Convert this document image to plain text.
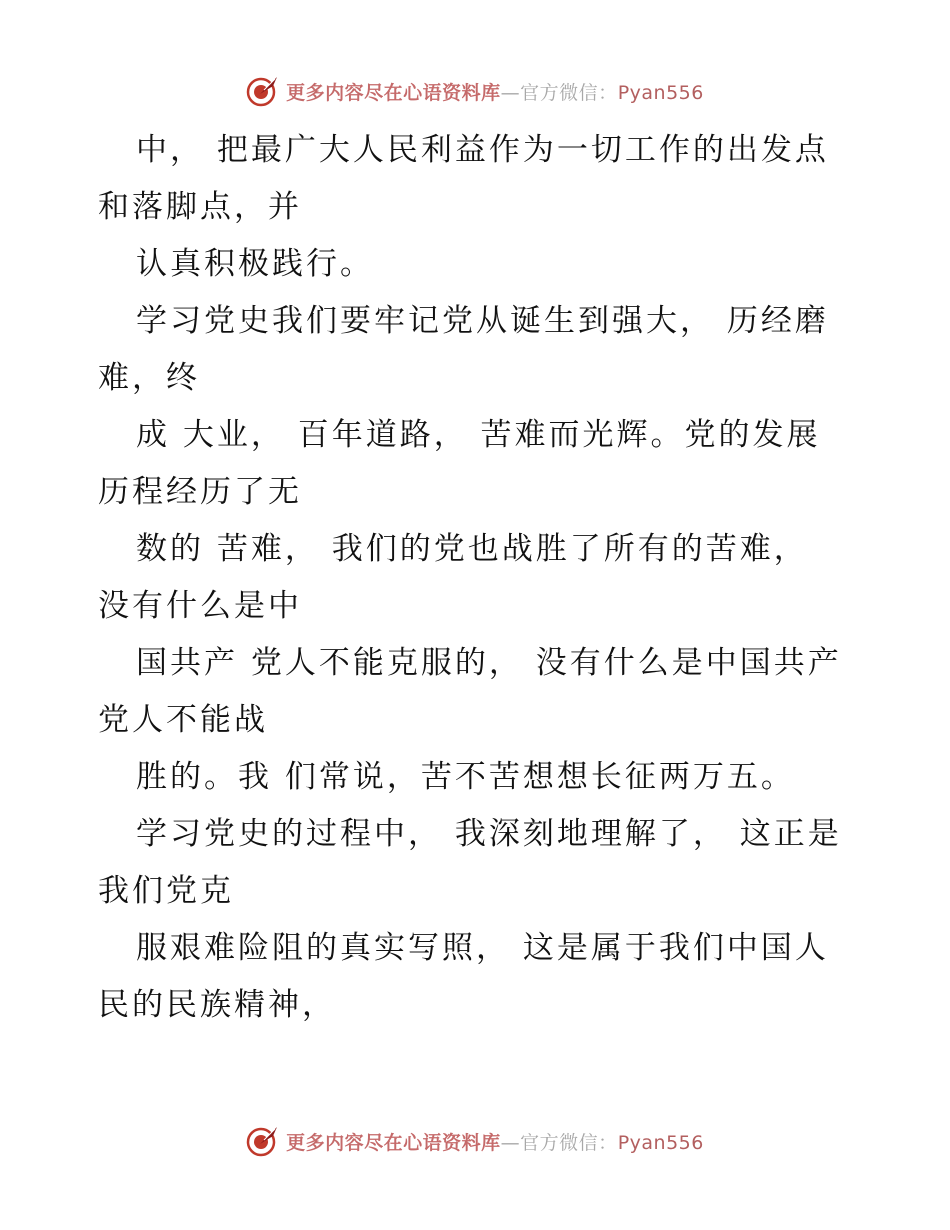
更多内容尽在心语资料库—官方微信：Pyan556
中， 把最广大人民利益作为一切工作的出发点
和落脚点，并
认真积极践行。
学习党史我们要牢记党从诞生到强大， 历经磨
难，终
成 大业， 百年道路， 苦难而光辉。党的发展
历程经历了无
数的 苦难， 我们的党也战胜了所有的苦难，
没有什么是中
国共产 党人不能克服的， 没有什么是中国共产
党人不能战
胜的。我 们常说，苦不苦想想长征两万五。
学习党史的过程中， 我深刻地理解了， 这正是
我们党克
服艰难险阻的真实写照， 这是属于我们中国人
民的民族精神，
更多内容尽在心语资料库—官方微信：Pyan556
